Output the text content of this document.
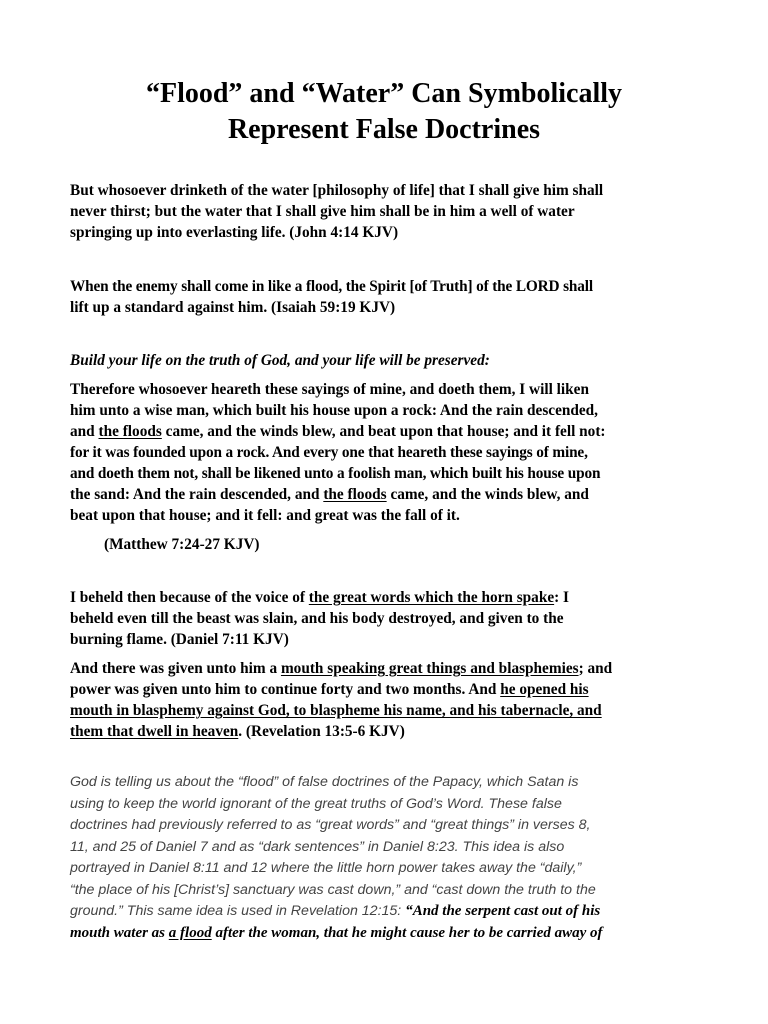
“Flood” and “Water” Can Symbolically
Represent False Doctrines

But whosoever drinketh of the water [philosophy of life] that I shall give him shall

never thirst; but the water that I shall give him shall be in him a well of water

springing up into everlasting life. (John 4:14 KJV)

When the enemy shall come in like a flood, the Spirit [of Truth] of the LORD shall

lift up a standard against him. (Isaiah 59:19 KJV)

Build your life on the truth of God, and your life will be preserved:

Therefore whosoever heareth these sayings of mine, and doeth them, I will liken

him unto a wise man, which built his house upon a rock: And the rain descended,

and the floods came, and the winds blew, and beat upon that house; and it fell not:

for it was founded upon a rock. And every one that heareth these sayings of mine,

and doeth them not, shall be likened unto a foolish man, which built his house upon

the sand: And the rain descended, and the floods came, and the winds blew, and

beat upon that house; and it fell: and great was the fall of it.

(Matthew 7:24-27 KJV)

I beheld then because of the voice of the great words which the horn spake: I

beheld even till the beast was slain, and his body destroyed, and given to the

burning flame. (Daniel 7:11 KJV)

And there was given unto him a mouth speaking great things and blasphemies; and

power was given unto him to continue forty and two months. And he opened his

mouth in blasphemy against God, to blaspheme his name, and his tabernacle, and

them that dwell in heaven. (Revelation 13:5-6 KJV)

God is telling us about the “flood” of false doctrines of the Papacy, which Satan is

using to keep the world ignorant of the great truths of God’s Word. These false

doctrines had previously referred to as “great words” and “great things” in verses 8,

11, and 25 of Daniel 7 and as “dark sentences” in Daniel 8:23. This idea is also

portrayed in Daniel 8:11 and 12 where the little horn power takes away the “daily,”

“the place of his [Christ’s] sanctuary was cast down,” and “cast down the truth to the

ground.” This same idea is used in Revelation 12:15: “And the serpent cast out of his

mouth water as a flood after the woman, that he might cause her to be carried away of
